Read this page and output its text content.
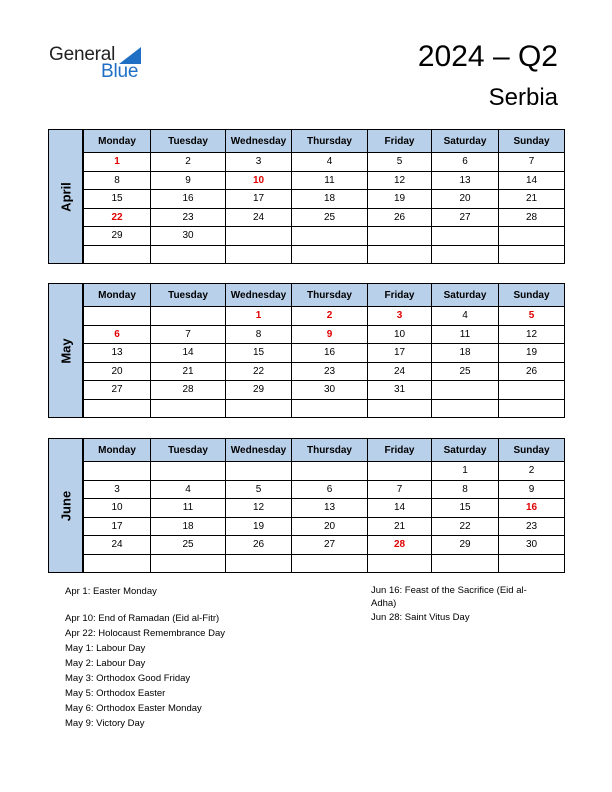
General
Blue	2024 – Q2
Serbia
April
Monday	Tuesday	Wednesday	Thursday	Friday	Saturday	Sunday
1	2	3	4	5	6	7
8	9	10	11	12	13	14
15	16	17	18	19	20	21
22	23	24	25	26	27	28
29	30					

May
Monday	Tuesday	Wednesday	Thursday	Friday	Saturday	Sunday
		1	2	3	4	5
6	7	8	9	10	11	12
13	14	15	16	17	18	19
20	21	22	23	24	25	26
27	28	29	30	31		

June
Monday	Tuesday	Wednesday	Thursday	Friday	Saturday	Sunday
					1	2
3	4	5	6	7	8	9
10	11	12	13	14	15	16
17	18	19	20	21	22	23
24	25	26	27	28	29	30

Apr 1: Easter Monday
Apr 10: End of Ramadan (Eid al-Fitr)
Apr 22: Holocaust Remembrance Day
May 1: Labour Day
May 2: Labour Day
May 3: Orthodox Good Friday
May 5: Orthodox Easter
May 6: Orthodox Easter Monday
May 9: Victory Day
Jun 16: Feast of the Sacrifice (Eid al-Adha)
Jun 28: Saint Vitus Day
